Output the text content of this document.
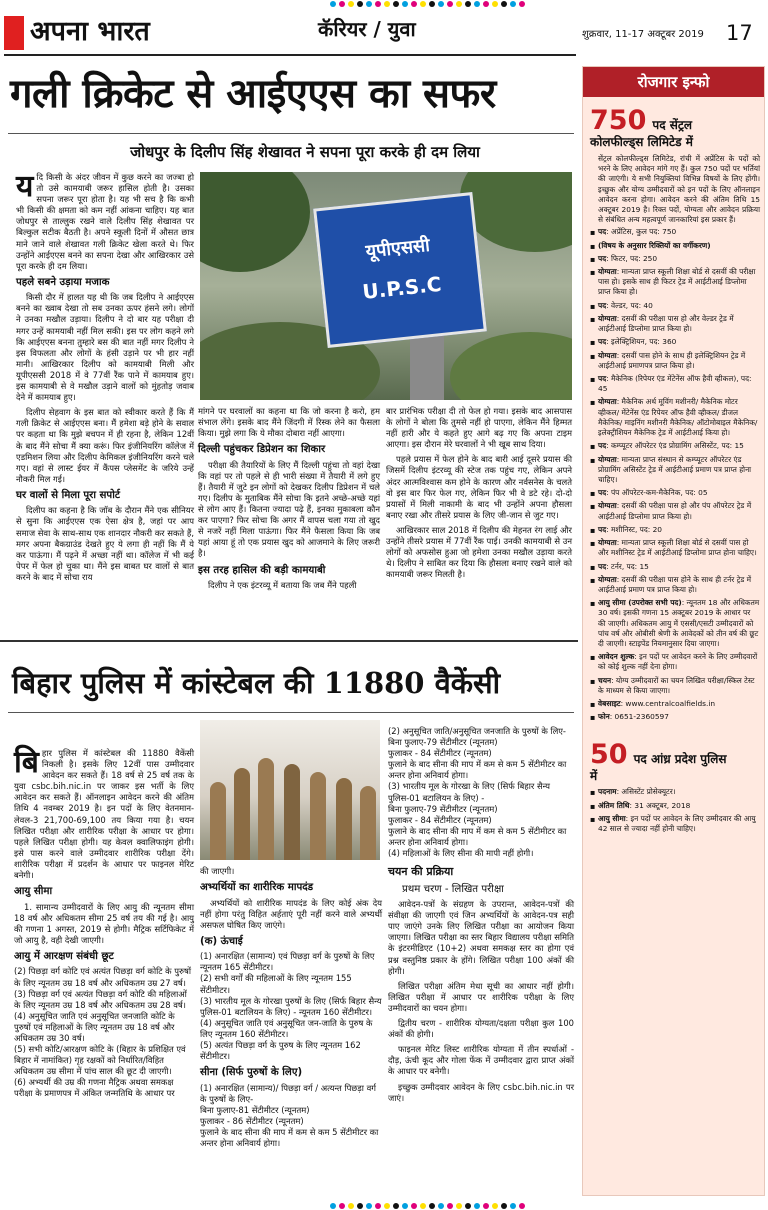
अपना भारत	कॅरियर / युवा	शुक्रवार, 11-17 अक्टूबर 2019 17
गली क्रिकेट से आईएएस का सफर
जोधपुर के दिलीप सिंह शेखावत ने सपना पूरा करके ही दम लिया

यदि किसी के अंदर जीवन में कुछ करने का जज्बा हो तो उसे कामयाबी जरूर हासिल होती है। उसका सपना जरूर पूरा होता है। यह भी सच है कि कभी भी किसी की क्षमता को कम नहीं आंकना चाहिए। यह बात जोधपुर से ताल्लुक रखने वाले दिलीप सिंह शेखावत पर बिल्कुल सटीक बैठती है। अपने स्कूली दिनों में औसत छात्र माने जाने वाले शेखावत गली क्रिकेट खेला करते थे। फिर उन्होंने आईएएस बनने का सपना देखा और आखिरकार उसे पूरा करके ही दम लिया।

पहले सबने उड़ाया मजाक

किसी दौर में हालत यह थी कि जब दिलीप ने आईएएस बनने का ख्वाब देखा तो सब उनका ऊपर हंसने लगे। लोगों ने उनका मखौल उड़ाया। दिलीप ने दो बार यह परीक्षा दी मगर उन्हें कामयाबी नहीं मिल सकी। इस पर लोग कहने लगे कि आईएएस बनना तुम्हारे बस की बात नहीं मगर दिलीप ने इस विफलता और लोगों के हंसी उड़ाने पर भी हार नहीं मानी। आखिरकार दिलीप को कामयाबी मिली और यूपीएससी 2018 में वे 77वीं रैंक पाने में कामयाब हुए। इस कामयाबी से वे मखौल उड़ाने वालों को मुंहतोड़ जवाब देने में कामयाब हुए।

दिलीप सेहवाग के इस बात को स्वीकार करते हैं कि मैं गली क्रिकेट से आईएएस बना। मैं हमेशा बड़े होने के सवाल पर कहता था कि मुझे बचपन में ही रहना है, लेकिन 12वीं के बाद मैंने सोचा मैं क्या करूं। फिर इंजीनियरिंग कॉलेज में एडमिशन लिया और दिलीप केमिकल इंजीनियरिंग करने चले गए। वहां से लास्ट ईयर में कैंपस प्लेसमेंट के जरिये उन्हें नौकरी मिल गई।

घर वालों से मिला पूरा सपोर्ट

दिलीप का कहना है कि जॉब के दौरान मैंने एक सीनियर से सुना कि आईएएस एक ऐसा क्षेत्र है, जहां पर आप समाज सेवा के साथ-साथ एक शानदार नौकरी कर सकते हैं, मगर अपना बैकग्राउंड देखते हुए ये लगा ही नहीं कि मैं ये कर पाऊंगा। मैं पढ़ने में अच्छा नहीं था। कॉलेज में भी कई पेपर में फेल हो चुका था। मैंने इस बाबत घर वालों से बात करने के बाद में सोचा राय

यूपीएससी
U.P.S.C

मांगने पर घरवालों का कहना था कि जो करना है करो, हम संभाल लेंगे। इसके बाद मैंने जिंदगी में रिस्क लेने का फैसला किया। मुझे लगा कि ये मौका दोबारा नहीं आएगा।

दिल्ली पहुंचकर डिप्रेशन का शिकार

परीक्षा की तैयारियों के लिए मैं दिल्ली पहुंचा तो वहां देखा कि वहां पर तो पहले से ही भारी संख्या में तैयारी में लगे हुए हैं। तैयारी में जुटे इन लोगों को देखकर दिलीप डिप्रेशन में चले गए। दिलीप के मुताबिक मैंने सोचा कि इतने अच्छे-अच्छे यहां से लोग आए हैं। कितना ज्यादा पढ़े हैं, इनका मुकाबला कौन कर पाएगा? फिर सोचा कि अगर मैं वापस चला गया तो खुद से नजरें नहीं मिला पाऊंगा। फिर मैंने फैसला किया कि जब यहां आया हूं तो एक प्रयास खुद को आजमाने के लिए जरूरी है।

इस तरह हासिल की बड़ी कामयाबी

दिलीप ने एक इंटरव्यू में बताया कि जब मैंने पहली

बार प्रारंभिक परीक्षा दी तो फेल हो गया। इसके बाद आसपास के लोगों ने बोला कि तुमसे नहीं हो पाएगा, लेकिन मैंने हिम्मत नहीं हारी और ये कहते हुए आगे बढ़ गए कि अपना टाइम आएगा। इस दौरान मेरे घरवालों ने भी खूब साथ दिया।

पहले प्रयास में फेल होने के बाद बारी आई दूसरे प्रयास की जिसमें दिलीप इंटरव्यू की स्टेज तक पहुंच गए, लेकिन अपने अंदर आत्मविश्वास कम होने के कारण और नर्वसनेस के चलते वो इस बार फिर फेल गए, लेकिन फिर भी वे डटे रहे। दो-दो प्रयासों में मिली नाकामी के बाद भी उन्होंने अपना हौसला बनाए रखा और तीसरे प्रयास के लिए जी-जान से जुट गए।

आखिरकार साल 2018 में दिलीप की मेहनत रंग लाई और उन्होंने तीसरे प्रयास में 77वीं रैंक पाई। उनकी कामयाबी से उन लोगों को अफसोस हुआ जो हमेशा उनका मखौल उड़ाया करते थे। दिलीप ने साबित कर दिया कि हौसला बनाए रखने वाले को कामयाबी जरूर मिलती है।

बिहार पुलिस में कांस्टेबल की 11880 वैकेंसी

बिहार पुलिस में कांस्टेबल की 11880 वैकेंसी निकली है। इसके लिए 12वीं पास उम्मीदवार आवेदन कर सकते हैं। 18 वर्ष से 25 वर्ष तक के युवा csbc.bih.nic.in पर जाकर इस भर्ती के लिए आवेदन कर सकते हैं। ऑनलाइन आवेदन करने की अंतिम तिथि 4 नवम्बर 2019 है। इन पदों के लिए वेतनमान- लेवल-3 21,700-69,100 तय किया गया है। चयन लिखित परीक्षा और शारीरिक परीक्षा के आधार पर होगा। पहले लिखित परीक्षा होगी। यह केवल क्वालिफाइंग होगी। इसे पास करने वाले उम्मीदवार शारीरिक परीक्षा देंगे। शारीरिक परीक्षा में प्रदर्शन के आधार पर फाइनल मेरिट बनेगी।

आयु सीमा

1. सामान्य उम्मीदवारों के लिए आयु की न्यूनतम सीमा 18 वर्ष और अधिकतम सीमा 25 वर्ष तय की गई है। आयु की गणना 1 अगस्त, 2019 से होगी। मैट्रिक सर्टिफिकेट में जो आयु है, वही देखी जाएगी।

आयु में आरक्षण संबंधी छूट
(2) पिछड़ा वर्ग कोटि एवं अत्यंत पिछड़ा वर्ग कोटि के पुरुषों के लिए न्यूनतम उम्र 18 वर्ष और अधिकतम उम्र 27 वर्ष।
(3) पिछड़ा वर्ग एवं अत्यंत पिछड़ा वर्ग कोटि की महिलाओं के लिए न्यूनतम उम्र 18 वर्ष और अधिकतम उम्र 28 वर्ष।
(4) अनुसूचित जाति एवं अनुसूचित जनजाति कोटि के पुरुषों एवं महिलाओं के लिए न्यूनतम उम्र 18 वर्ष और अधिकतम उम्र 30 वर्ष।
(5) सभी कोटि/आरक्षण कोटि के (बिहार के प्रशिक्षित एवं बिहार में नामांकित) गृह रक्षकों को निर्धारित/विहित अधिकतम उम्र सीमा में पांच साल की छूट दी जाएगी।
(6) अभ्यर्थी की उम्र की गणना मैट्रिक अथवा समकक्ष परीक्षा के प्रमाणपत्र में अंकित जन्मतिथि के आधार पर

की जाएगी।

अभ्यर्थियों का शारीरिक मापदंड

अभ्यर्थियों को शारीरिक मापदंड के लिए कोई अंक देय नहीं होगा परंतु विहित अर्हताएं पूरी नहीं करने वाले अभ्यर्थी असफल घोषित किए जाएंगे।

(क) ऊंचाई
(1) अनारक्षित (सामान्य) एवं पिछड़ा वर्ग के पुरुषों के लिए न्यूनतम 165 सेंटीमीटर।
(2) सभी वर्गों की महिलाओं के लिए न्यूनतम 155 सेंटीमीटर।
(3) भारतीय मूल के गोरखा पुरुषों के लिए (सिर्फ बिहार सैन्य पुलिस-01 बटालियन के लिए) - न्यूनतम 160 सेंटीमीटर।
(4) अनुसूचित जाति एवं अनुसूचित जन-जाति के पुरुष के लिए न्यूनतम 160 सेंटीमीटर।
(5) अत्यंत पिछड़ा वर्ग के पुरुष के लिए न्यूनतम 162 सेंटीमीटर।
सीना (सिर्फ पुरुषों के लिए)
(1) अनारक्षित (सामान्य)/ पिछड़ा वर्ग / अत्यन्त पिछड़ा वर्ग के पुरुषों के लिए-
बिना फुलाए-81 सेंटीमीटर (न्यूनतम)
फुलाकर - 86 सेंटीमीटर (न्यूनतम)
फुलाने के बाद सीना की माप में कम से कम 5 सेंटीमीटर का अन्तर होना अनिवार्य होगा।
(2) अनुसूचित जाति/अनुसूचित जनजाति के पुरुषों के लिए-
बिना फुलाए-79 सेंटीमीटर (न्यूनतम)
फुलाकर - 84 सेंटीमीटर (न्यूनतम)
फुलाने के बाद सीना की माप में कम से कम 5 सेंटीमीटर का अन्तर होना अनिवार्य होगा।
(3) भारतीय मूल के गोरखा के लिए (सिर्फ बिहार सैन्य पुलिस-01 बटालियन के लिए) -
बिना फुलाए-79 सेंटीमीटर (न्यूनतम)
फुलाकर - 84 सेंटीमीटर (न्यूनतम)
फुलाने के बाद सीना की माप में कम से कम 5 सेंटीमीटर का अन्तर होना अनिवार्य होगा।
(4) महिलाओं के लिए सीना की मापी नहीं होगी।
चयन की प्रक्रिया
प्रथम चरण - लिखित परीक्षा

आवेदन-पत्रों के संग्रहण के उपरान्त, आवेदन-पत्रों की संवीक्षा की जाएगी एवं जिन अभ्यर्थियों के आवेदन-पत्र सही पाए जाएंगे उनके लिए लिखित परीक्षा का आयोजन किया जाएगा। लिखित परीक्षा का स्तर बिहार विद्यालय परीक्षा समिति के इंटरमीडिएट (10+2) अथवा समकक्ष स्तर का होगा एवं प्रश्न वस्तुनिष्ठ प्रकार के होंगे। लिखित परीक्षा 100 अंकों की होगी।

लिखित परीक्षा अंतिम मेधा सूची का आधार नहीं होगी। लिखित परीक्षा में आधार पर शारीरिक परीक्षा के लिए उम्मीदवारों का चयन होगा।

द्वितीय चरण - शारीरिक योग्यता/दक्षता परीक्षा कुल 100 अंकों की होगी।

फाइनल मेरिट लिस्ट शारीरिक योग्यता में तीन स्पर्धाओं - दौड़, ऊंची कूद और गोला फेंक में उम्मीदवार द्वारा प्राप्त अंकों के आधार पर बनेगी।

इच्छुक उम्मीदवार आवेदन के लिए csbc.bih.nic.in पर जाएं।

रोजगार इन्फो
750 पद सेंट्रल
कोलफील्ड्स लिमिटेड में

सेंट्रल कोलफील्ड्स लिमिटेड, रांची में अप्रेंटिस के पदों को भरने के लिए आवेदन मांगे गए हैं। कुल 750 पदों पर भर्तियां की जाएंगी। ये सभी नियुक्तियां विभिन्न विषयों के लिए होंगी। इच्छुक और योग्य उम्मीदवारों को इन पदों के लिए ऑनलाइन आवेदन करना होगा। आवेदन करने की अंतिम तिथि 15 अक्टूबर 2019 है। रिक्त पदों, योग्यता और आवेदन प्रक्रिया से संबंधित अन्य महत्वपूर्ण जानकारियां इस प्रकार हैं।

▪ पद: अप्रेंटिस, कुल पद: 750
▪ (विषय के अनुसार रिक्तियों का वर्गीकरण)
▪ पद: फिटर, पद: 250
▪ योग्यता: मान्यता प्राप्त स्कूली शिक्षा बोर्ड से दसवीं की परीक्षा पास हो। इसके साथ ही फिटर ट्रेड में आईटीआई डिप्लोमा प्राप्त किया हो।
▪ पद: वेल्डर, पद: 40
▪ योग्यता: दसवीं की परीक्षा पास हो और वेल्डर ट्रेड में आईटीआई डिप्लोमा प्राप्त किया हो।
▪ पद: इलेक्ट्रिशियन, पद: 360
▪ योग्यता: दसवीं पास होने के साथ ही इलेक्ट्रिशियन ट्रेड में आईटीआई प्रमाणपत्र प्राप्त किया हो।
▪ पद: मैकेनिक (रिपेयर एंड मेंटेनेंस ऑफ हैवी व्हीकल), पद: 45
▪ योग्यता: मैकेनिक अर्थ मूविंग मशीनरी/ मैकेनिक मोटर व्हीकल/ मेंटेनेंस एंड रिपेयर ऑफ हैवी व्हीकल/ डीजल मैकेनिक/ माइनिंग मशीनरी मैकेनिक/ ऑटोमोबाइल मैकेनिक/ इलेक्ट्रीशियन मैकेनिक ट्रेड में आईटीआई किया हो।
▪ पद: कम्प्यूटर ऑपरेटर एंड प्रोग्रामिंग असिस्टेंट, पद: 15
▪ योग्यता: मान्यता प्राप्त संस्थान से कम्प्यूटर ऑपरेटर एंड प्रोग्रामिंग असिस्टेंट ट्रेड में आईटीआई प्रमाण पत्र प्राप्त होना चाहिए।
▪ पद: पंप ऑपरेटर-कम-मैकेनिक, पद: 05
▪ योग्यता: दसवीं की परीक्षा पास हो और पंप ऑपरेटर ट्रेड में आईटीआई डिप्लोमा प्राप्त किया हो।
▪ पद: मशीनिस्ट, पद: 20
▪ योग्यता: मान्यता प्राप्त स्कूली शिक्षा बोर्ड से दसवीं पास हो और मशीनिस्ट ट्रेड में आईटीआई डिप्लोमा प्राप्त होना चाहिए।
▪ पद: टर्नर, पद: 15
▪ योग्यता: दसवीं की परीक्षा पास होने के साथ ही टर्नर ट्रेड में आईटीआई प्रमाण पत्र प्राप्त किया हो।
▪ आयु सीमा (उपरोक्त सभी पद): न्यूनतम 18 और अधिकतम 30 वर्ष। इसकी गणना 15 अक्टूबर 2019 के आधार पर की जाएगी। अधिकतम आयु में एससी/एसटी उम्मीदवारों को पांच वर्ष और ओबीसी श्रेणी के आवेदकों को तीन वर्ष की छूट दी जाएगी। स्टाइपेंड नियमानुसार दिया जाएगा।
▪ आवेदन शुल्क: इन पदों पर आवेदन करने के लिए उम्मीदवारों को कोई शुल्क नहीं देना होगा।
▪ चयन: योग्य उम्मीदवारों का चयन लिखित परीक्षा/स्किल टेस्ट के माध्यम से किया जाएगा।
▪ वेबसाइट: www.centralcoalfields.in
▪ फोन: 0651-2360597
50 पद आंध्र प्रदेश पुलिस
में
▪ पदनाम: असिस्टेंट प्रोसेक्यूटर।
▪ अंतिम तिथि: 31 अक्टूबर, 2018
▪ आयु सीमा: इन पदों पर आवेदन के लिए उम्मीदवार की आयु 42 साल से ज्यादा नहीं होनी चाहिए।
